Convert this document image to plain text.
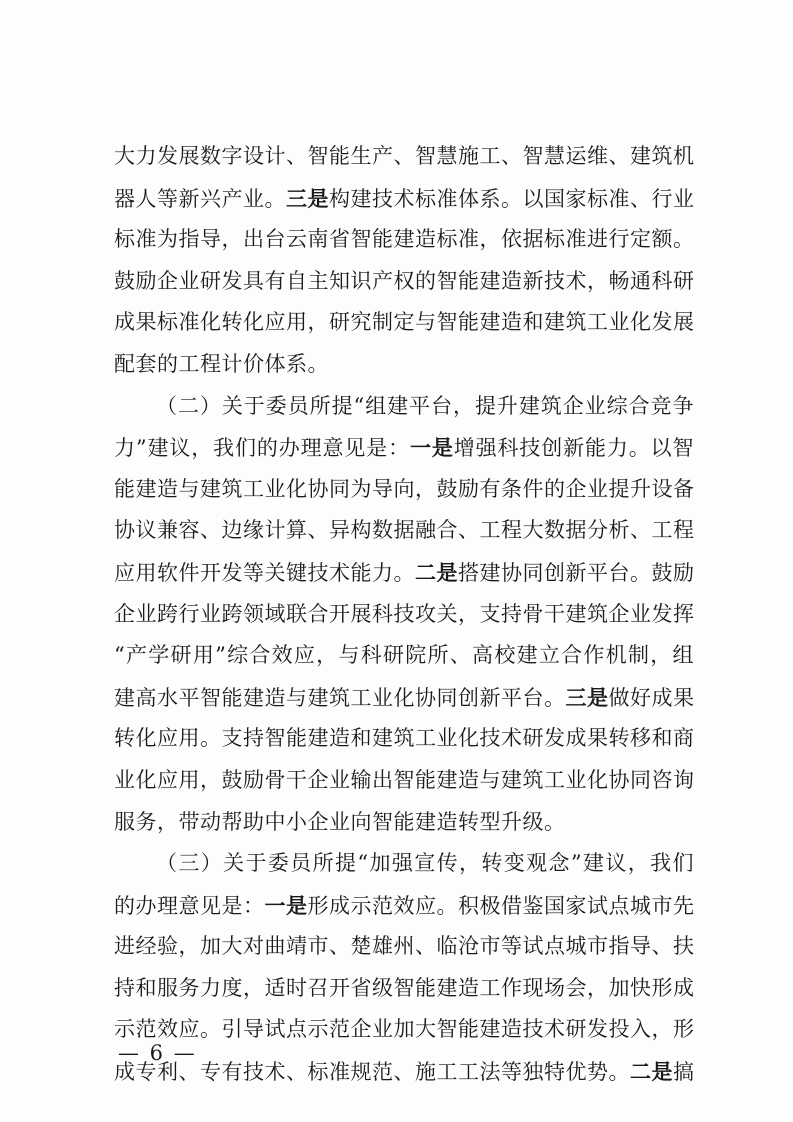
大力发展数字设计、智能生产、智慧施工、智慧运维、建筑机
器人等新兴产业。三是构建技术标准体系。以国家标准、行业
标准为指导，出台云南省智能建造标准，依据标准进行定额。
鼓励企业研发具有自主知识产权的智能建造新技术，畅通科研
成果标准化转化应用，研究制定与智能建造和建筑工业化发展
配套的工程计价体系。
（二）关于委员所提“组建平台，提升建筑企业综合竞争
力”建议，我们的办理意见是：一是增强科技创新能力。以智
能建造与建筑工业化协同为导向，鼓励有条件的企业提升设备
协议兼容、边缘计算、异构数据融合、工程大数据分析、工程
应用软件开发等关键技术能力。二是搭建协同创新平台。鼓励
企业跨行业跨领域联合开展科技攻关，支持骨干建筑企业发挥
“产学研用”综合效应，与科研院所、高校建立合作机制，组
建高水平智能建造与建筑工业化协同创新平台。三是做好成果
转化应用。支持智能建造和建筑工业化技术研发成果转移和商
业化应用，鼓励骨干企业输出智能建造与建筑工业化协同咨询
服务，带动帮助中小企业向智能建造转型升级。
（三）关于委员所提“加强宣传，转变观念”建议，我们
的办理意见是：一是形成示范效应。积极借鉴国家试点城市先
进经验，加大对曲靖市、楚雄州、临沧市等试点城市指导、扶
持和服务力度，适时召开省级智能建造工作现场会，加快形成
示范效应。引导试点示范企业加大智能建造技术研发投入，形
成专利、专有技术、标准规范、施工工法等独特优势。二是搞
— 6 —
